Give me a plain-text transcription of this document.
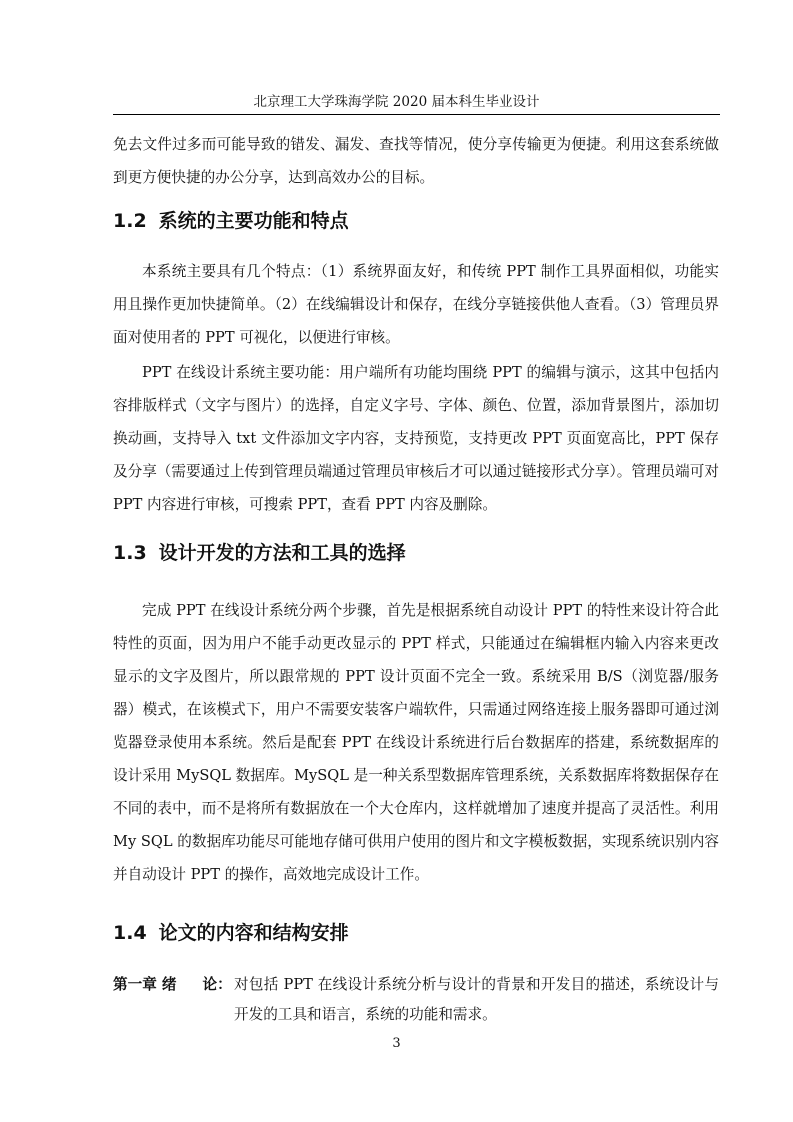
北京理工大学珠海学院 2020 届本科生毕业设计

免去文件过多而可能导致的错发、漏发、查找等情况，使分享传输更为便捷。利用这套系统做到更方便快捷的办公分享，达到高效办公的目标。

1.2 系统的主要功能和特点

本系统主要具有几个特点：（1）系统界面友好，和传统 PPT 制作工具界面相似，功能实用且操作更加快捷简单。（2）在线编辑设计和保存，在线分享链接供他人查看。（3）管理员界面对使用者的 PPT 可视化，以便进行审核。

PPT 在线设计系统主要功能：用户端所有功能均围绕 PPT 的编辑与演示，这其中包括内容排版样式（文字与图片）的选择，自定义字号、字体、颜色、位置，添加背景图片，添加切换动画，支持导入 txt 文件添加文字内容，支持预览，支持更改 PPT 页面宽高比，PPT 保存及分享（需要通过上传到管理员端通过管理员审核后才可以通过链接形式分享）。管理员端可对 PPT 内容进行审核，可搜索 PPT，查看 PPT 内容及删除。

1.3 设计开发的方法和工具的选择

完成 PPT 在线设计系统分两个步骤，首先是根据系统自动设计 PPT 的特性来设计符合此特性的页面，因为用户不能手动更改显示的 PPT 样式，只能通过在编辑框内输入内容来更改显示的文字及图片，所以跟常规的 PPT 设计页面不完全一致。系统采用 B/S（浏览器/服务器）模式，在该模式下，用户不需要安装客户端软件，只需通过网络连接上服务器即可通过浏览器登录使用本系统。然后是配套 PPT 在线设计系统进行后台数据库的搭建，系统数据库的设计采用 MySQL 数据库。MySQL 是一种关系型数据库管理系统，关系数据库将数据保存在不同的表中，而不是将所有数据放在一个大仓库内，这样就增加了速度并提高了灵活性。利用 My SQL 的数据库功能尽可能地存储可供用户使用的图片和文字模板数据，实现系统识别内容并自动设计 PPT 的操作，高效地完成设计工作。

1.4 论文的内容和结构安排
第一章 绪 论： 对包括 PPT 在线设计系统分析与设计的背景和开发目的描述，系统设计与开发的工具和语言，系统的功能和需求。
3
